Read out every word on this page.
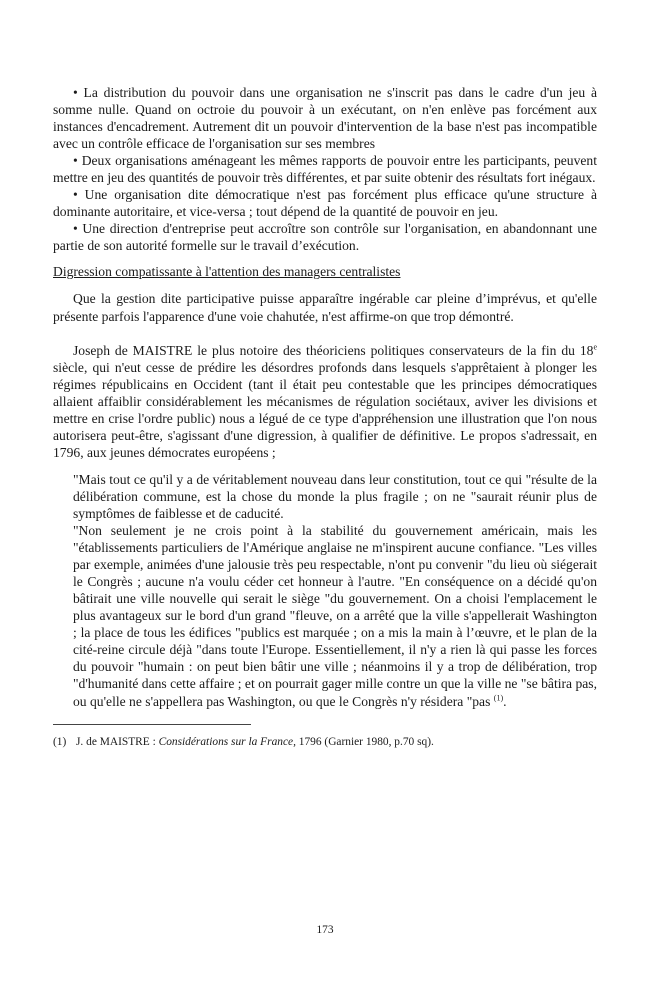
• La distribution du pouvoir dans une organisation ne s'inscrit pas dans le cadre d'un jeu à somme nulle. Quand on octroie du pouvoir à un exécutant, on n'en enlève pas forcément aux instances d'encadrement. Autrement dit un pouvoir d'intervention de la base n'est pas incompatible avec un contrôle efficace de l'organisation sur ses membres

• Deux organisations aménageant les mêmes rapports de pouvoir entre les participants, peuvent mettre en jeu des quantités de pouvoir très différentes, et par suite obtenir des résultats fort inégaux.

• Une organisation dite démocratique n'est pas forcément plus efficace qu'une structure à dominante autoritaire, et vice-versa ; tout dépend de la quantité de pouvoir en jeu.

• Une direction d'entreprise peut accroître son contrôle sur l'organisation, en abandonnant une partie de son autorité formelle sur le travail d’exécution.

Digression compatissante à l'attention des managers centralistes

Que la gestion dite participative puisse apparaître ingérable car pleine d’imprévus, et qu'elle présente parfois l'apparence d'une voie chahutée, n'est affirme-on que trop démontré.

Joseph de MAISTRE le plus notoire des théoriciens politiques conservateurs de la fin du 18e siècle, qui n'eut cesse de prédire les désordres profonds dans lesquels s'apprêtaient à plonger les régimes républicains en Occident (tant il était peu contestable que les principes démocratiques allaient affaiblir considérablement les mécanismes de régulation sociétaux, aviver les divisions et mettre en crise l'ordre public) nous a légué de ce type d'appréhension une illustration que l'on nous autorisera peut-être, s'agissant d'une digression, à qualifier de définitive. Le propos s'adressait, en 1796, aux jeunes démocrates européens ;

"Mais tout ce qu'il y a de véritablement nouveau dans leur constitution, tout ce qui "résulte de la délibération commune, est la chose du monde la plus fragile ; on ne "saurait réunir plus de symptômes de faiblesse et de caducité.

"Non seulement je ne crois point à la stabilité du gouvernement américain, mais les "établissements particuliers de l'Amérique anglaise ne m'inspirent aucune confiance. "Les villes par exemple, animées d'une jalousie très peu respectable, n'ont pu convenir "du lieu où siégerait le Congrès ; aucune n'a voulu céder cet honneur à l'autre. "En conséquence on a décidé qu'on bâtirait une ville nouvelle qui serait le siège "du gouvernement. On a choisi l'emplacement le plus avantageux sur le bord d'un grand "fleuve, on a arrêté que la ville s'appellerait Washington ; la place de tous les édifices "publics est marquée ; on a mis la main à l’œuvre, et le plan de la cité-reine circule déjà "dans toute l'Europe. Essentiellement, il n'y a rien là qui passe les forces du pouvoir "humain : on peut bien bâtir une ville ; néanmoins il y a trop de délibération, trop "d'humanité dans cette affaire ; et on pourrait gager mille contre un que la ville ne "se bâtira pas, ou qu'elle ne s'appellera pas Washington, ou que le Congrès n'y résidera "pas $^{(1)}$.

(1) J. de MAISTRE : Considérations sur la France, 1796 (Garnier 1980, p.70 sq).
173
